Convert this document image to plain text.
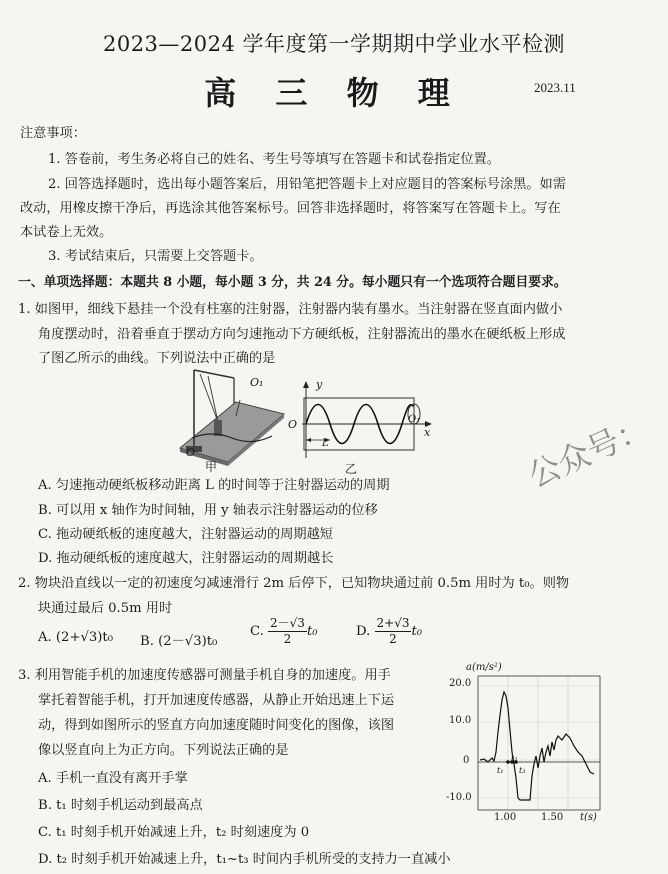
2023—2024 学年度第一学期期中学业水平检测
高 三 物 理	2023.11
注意事项：
1. 答卷前，考生务必将自己的姓名、考生号等填写在答题卡和试卷指定位置。
2. 回答选择题时，选出每小题答案后，用铅笔把答题卡上对应题目的答案标号涂黑。如需
改动，用橡皮擦干净后，再选涂其他答案标号。回答非选择题时，将答案写在答题卡上。写在
本试卷上无效。
3. 考试结束后，只需要上交答题卡。
一、单项选择题：本题共 8 小题，每小题 3 分，共 24 分。每小题只有一个选项符合题目要求。
1. 如图甲，细线下悬挂一个没有柱塞的注射器，注射器内装有墨水。当注射器在竖直面内做小
角度摆动时，沿着垂直于摆动方向匀速拖动下方硬纸板，注射器流出的墨水在硬纸板上形成
了图乙所示的曲线。下列说法中正确的是
O₁
O
甲
y
x
O	O₁
L
乙
A. 匀速拖动硬纸板移动距离 L 的时间等于注射器运动的周期
B. 可以用 x 轴作为时间轴，用 y 轴表示注射器运动的位移
C. 拖动硬纸板的速度越大，注射器运动的周期越短
D. 拖动硬纸板的速度越大，注射器运动的周期越长
公众号：
2. 物块沿直线以一定的初速度匀减速滑行 2m 后停下，已知物块通过前 0.5m 用时为 t₀。则物
块通过最后 0.5m 用时
A. (2+√3)t₀ B. (2－√3)t₀
C. $\frac{2-√3}{2} t_0$	D. $\frac{2+√3}{2} t_0$
3. 利用智能手机的加速度传感器可测量手机自身的加速度。用手
掌托着智能手机，打开加速度传感器，从静止开始迅速上下运
动，得到如图所示的竖直方向加速度随时间变化的图像，该图
像以竖直向上为正方向。下列说法正确的是
A. 手机一直没有离开手掌
B. t₁ 时刻手机运动到最高点
C. t₁ 时刻手机开始减速上升，t₂ 时刻速度为 0
D. t₂ 时刻手机开始减速上升，t₁~t₃ 时间内手机所受的支持力一直减小
a(m/s²)
20.0
10.0
0
-10.0
1.00 1.50 t(s)
t₁
t₂
t₃
